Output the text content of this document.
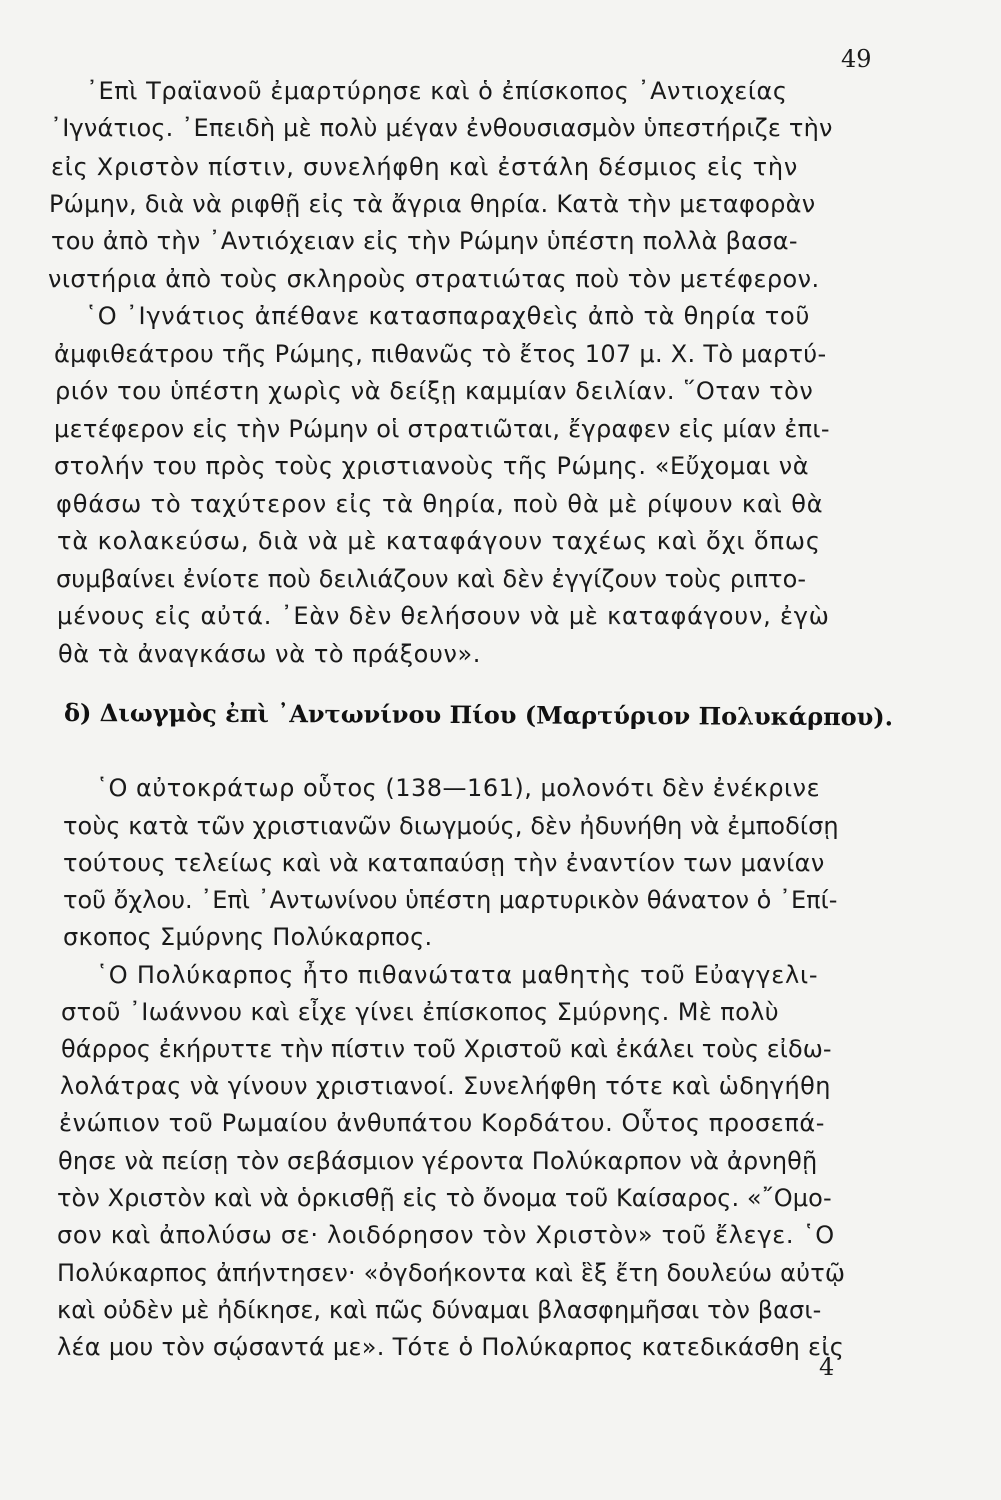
49
᾿Επὶ Τραϊανοῦ ἐμαρτύρησε καὶ ὁ ἐπίσκοπος ᾿Αντιοχείας
᾿Ιγνάτιος. ᾿Επειδὴ μὲ πολὺ μέγαν ἐνθουσιασμὸν ὑπεστήριζε τὴν
εἰς Χριστὸν πίστιν, συνελήφθη καὶ ἐστάλη δέσμιος εἰς τὴν
Ρώμην, διὰ νὰ ριφθῇ εἰς τὰ ἄγρια θηρία. Κατὰ τὴν μεταφορὰν
του ἀπὸ τὴν ᾿Αντιόχειαν εἰς τὴν Ρώμην ὑπέστη πολλὰ βασα-
νιστήρια ἀπὸ τοὺς σκληροὺς στρατιώτας ποὺ τὸν μετέφερον.
῾Ο ᾿Ιγνάτιος ἀπέθανε κατασπαραχθεὶς ἀπὸ τὰ θηρία τοῦ
ἀμφιθεάτρου τῆς Ρώμης, πιθανῶς τὸ ἔτος 107 μ. Χ. Τὸ μαρτύ-
ριόν του ὑπέστη χωρὶς νὰ δείξῃ καμμίαν δειλίαν. ῞Οταν τὸν
μετέφερον εἰς τὴν Ρώμην οἱ στρατιῶται, ἔγραφεν εἰς μίαν ἐπι-
στολήν του πρὸς τοὺς χριστιανοὺς τῆς Ρώμης. «Εὔχομαι νὰ
φθάσω τὸ ταχύτερον εἰς τὰ θηρία, ποὺ θὰ μὲ ρίψουν καὶ θὰ
τὰ κολακεύσω, διὰ νὰ μὲ καταφάγουν ταχέως καὶ ὄχι ὅπως
συμβαίνει ἐνίοτε ποὺ δειλιάζουν καὶ δὲν ἐγγίζουν τοὺς ριπτο-
μένους εἰς αὐτά. ᾿Εὰν δὲν θελήσουν νὰ μὲ καταφάγουν, ἐγὼ
θὰ τὰ ἀναγκάσω νὰ τὸ πράξουν».
δ) Διωγμὸς ἐπὶ ᾿Αντωνίνου Πίου (Μαρτύριον Πολυκάρπου).
῾Ο αὐτοκράτωρ οὗτος (138—161), μολονότι δὲν ἐνέκρινε
τοὺς κατὰ τῶν χριστιανῶν διωγμούς, δὲν ἠδυνήθη νὰ ἐμποδίσῃ
τούτους τελείως καὶ νὰ καταπαύσῃ τὴν ἐναντίον των μανίαν
τοῦ ὄχλου. ᾿Επὶ ᾿Αντωνίνου ὑπέστη μαρτυρικὸν θάνατον ὁ ᾿Επί-
σκοπος Σμύρνης Πολύκαρπος.
῾Ο Πολύκαρπος ἦτο πιθανώτατα μαθητὴς τοῦ Εὐαγγελι-
στοῦ ᾿Ιωάννου καὶ εἶχε γίνει ἐπίσκοπος Σμύρνης. Μὲ πολὺ
θάρρος ἐκήρυττε τὴν πίστιν τοῦ Χριστοῦ καὶ ἐκάλει τοὺς εἰδω-
λολάτρας νὰ γίνουν χριστιανοί. Συνελήφθη τότε καὶ ὡδηγήθη
ἐνώπιον τοῦ Ρωμαίου ἀνθυπάτου Κορδάτου. Οὗτος προσεπά-
θησε νὰ πείσῃ τὸν σεβάσμιον γέροντα Πολύκαρπον νὰ ἀρνηθῇ
τὸν Χριστὸν καὶ νὰ ὁρκισθῇ εἰς τὸ ὄνομα τοῦ Καίσαρος. «῎Ομο-
σον καὶ ἀπολύσω σε· λοιδόρησον τὸν Χριστὸν» τοῦ ἔλεγε. ῾Ο
Πολύκαρπος ἀπήντησεν· «ὀγδοήκοντα καὶ ἓξ ἔτη δουλεύω αὐτῷ
καὶ οὐδὲν μὲ ἠδίκησε, καὶ πῶς δύναμαι βλασφημῆσαι τὸν βασι-
λέα μου τὸν σῴσαντά με». Τότε ὁ Πολύκαρπος κατεδικάσθη εἰς
4
